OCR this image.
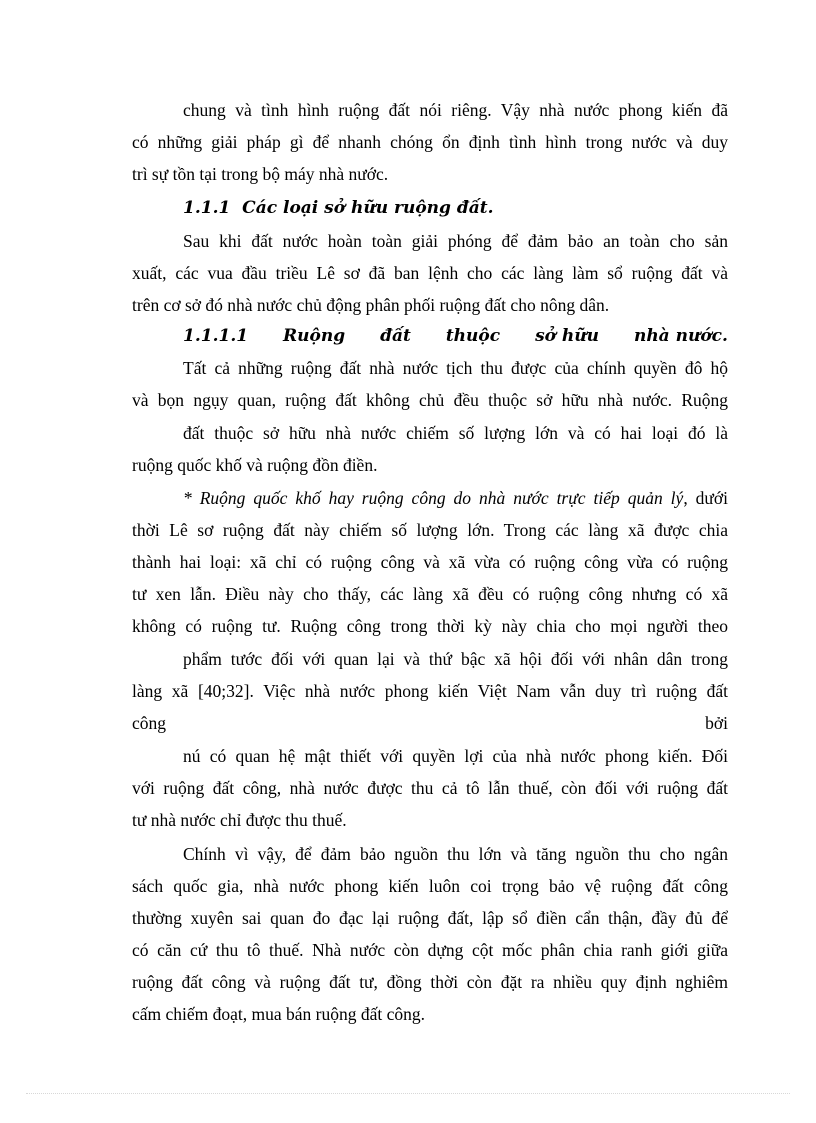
chung và tình hình ruộng đất nói riêng. Vậy nhà nước phong kiến đã
có những giải pháp gì để nhanh chóng ổn định tình hình trong nước và duy
trì sự tồn tại trong bộ máy nhà nước.
1.1.1 Các loại sở hữu ruộng đất.
Sau khi đất nước hoàn toàn giải phóng để đảm bảo an toàn cho sản
xuất, các vua đầu triều Lê sơ đã ban lệnh cho các làng làm sổ ruộng đất và
trên cơ sở đó nhà nước chủ động phân phối ruộng đất cho nông dân.
1.1.1.1 Ruộng đất thuộc sở hữu nhà nước.
Tất cả những ruộng đất nhà nước tịch thu được của chính quyền đô hộ
và bọn ngụy quan, ruộng đất không chủ đều thuộc sở hữu nhà nước. Ruộng
đất thuộc sở hữu nhà nước chiếm số lượng lớn và có hai loại đó là
ruộng quốc khố và ruộng đồn điền.
* Ruộng quốc khố hay ruộng công do nhà nước trực tiếp quản lý, dưới
thời Lê sơ ruộng đất này chiếm số lượng lớn. Trong các làng xã được chia
thành hai loại: xã chỉ có ruộng công và xã vừa có ruộng công vừa có ruộng
tư xen lẫn. Điều này cho thấy, các làng xã đều có ruộng công nhưng có xã
không có ruộng tư. Ruộng công trong thời kỳ này chia cho mọi người theo
phẩm tước đối với quan lại và thứ bậc xã hội đối với nhân dân trong
làng xã [40;32]. Việc nhà nước phong kiến Việt Nam vẫn duy trì ruộng đất
công	bởi
nú có quan hệ mật thiết với quyền lợi của nhà nước phong kiến. Đối
với ruộng đất công, nhà nước được thu cả tô lẫn thuế, còn đối với ruộng đất
tư nhà nước chỉ được thu thuế.
Chính vì vậy, để đảm bảo nguồn thu lớn và tăng nguồn thu cho ngân
sách quốc gia, nhà nước phong kiến luôn coi trọng bảo vệ ruộng đất công
thường xuyên sai quan đo đạc lại ruộng đất, lập sổ điền cẩn thận, đầy đủ để
có căn cứ thu tô thuế. Nhà nước còn dựng cột mốc phân chia ranh giới giữa
ruộng đất công và ruộng đất tư, đồng thời còn đặt ra nhiều quy định nghiêm
cấm chiếm đoạt, mua bán ruộng đất công.
